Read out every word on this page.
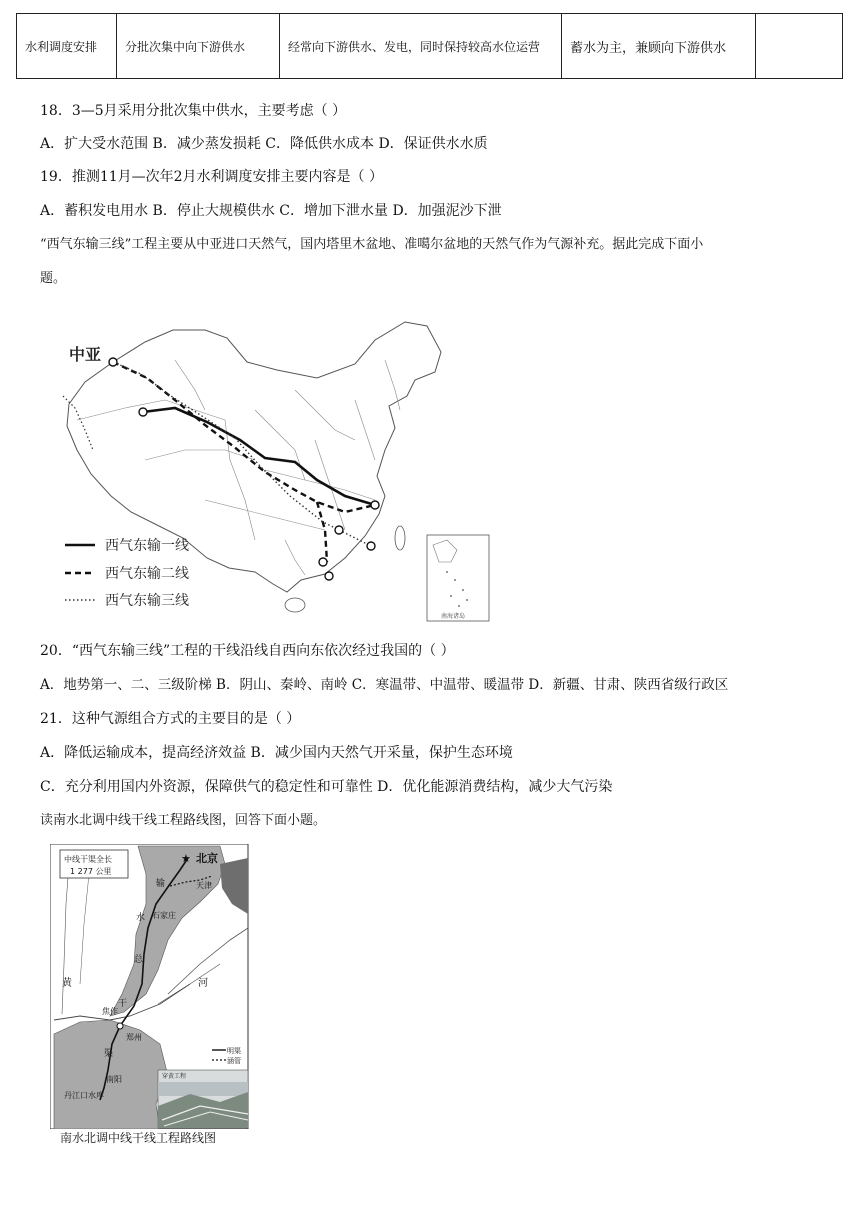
水利调度安排	分批次集中向下游供水	经常向下游供水、发电，同时保持较高水位运营	蓄水为主，兼顾向下游供水	
18．3—5月采用分批次集中供水，主要考虑（ ）
A．扩大受水范围 B．减少蒸发损耗 C．降低供水成本 D．保证供水水质
19．推测11月—次年2月水利调度安排主要内容是（ ）
A．蓄积发电用水 B．停止大规模供水 C．增加下泄水量 D．加强泥沙下泄
“西气东输三线”工程主要从中亚进口天然气，国内塔里木盆地、准噶尔盆地的天然气作为气源补充。据此完成下面小
题。
中亚
西气东输一线
西气东输二线
西气东输三线
南海诸岛
20．“西气东输三线”工程的干线沿线自西向东依次经过我国的（ ）
A．地势第一、二、三级阶梯 B．阴山、秦岭、南岭 C．寒温带、中温带、暖温带 D．新疆、甘肃、陕西省级行政区
21．这种气源组合方式的主要目的是（ ）
A．降低运输成本，提高经济效益 B．减少国内天然气开采量，保护生态环境
C．充分利用国内外资源，保障供气的稳定性和可靠性 D．优化能源消费结构，减少大气污染
读南水北调中线干线工程路线图，回答下面小题。
中线干渠全长
1 277 公里
★ 北京
天津
石家庄
焦作
郑州
南阳
丹江口水库
输
水
总
干
渠
黄	河
明渠
涵管
穿黄工程
南水北调中线干线工程路线图
